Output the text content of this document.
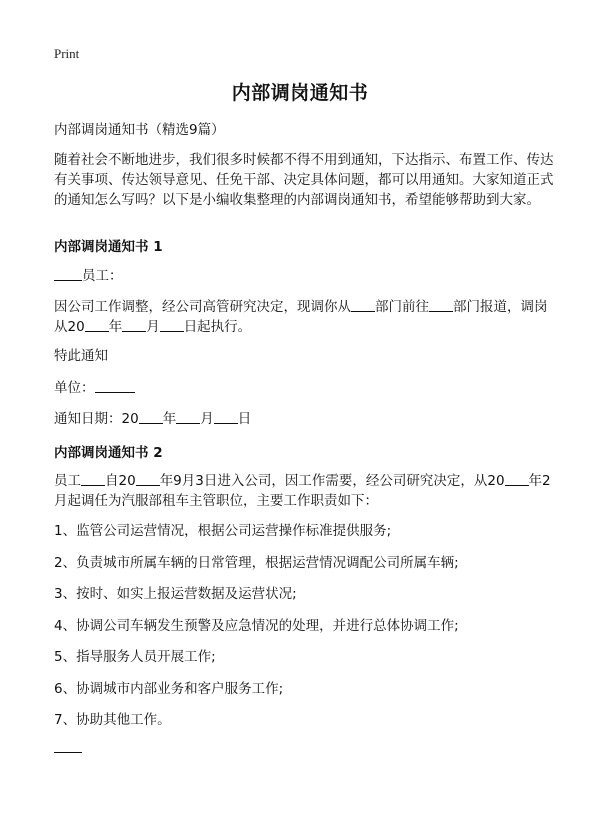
Print
内部调岗通知书

内部调岗通知书（精选9篇）

随着社会不断地进步，我们很多时候都不得不用到通知，下达指示、布置工作、传达有关事项、传达领导意见、任免干部、决定具体问题，都可以用通知。大家知道正式的通知怎么写吗？以下是小编收集整理的内部调岗通知书，希望能够帮助到大家。

内部调岗通知书 1

员工：

因公司工作调整，经公司高管研究决定，现调你从 部门前往 部门报道，调岗从20 年 月 日起执行。

特此通知

单位：

通知日期：20 年 月 日

内部调岗通知书 2

员工 自20 年9月3日进入公司，因工作需要，经公司研究决定，从20 年2月起调任为汽服部租车主管职位，主要工作职责如下：

1、监管公司运营情况，根据公司运营操作标准提供服务;

2、负责城市所属车辆的日常管理，根据运营情况调配公司所属车辆;

3、按时、如实上报运营数据及运营状况;

4、协调公司车辆发生预警及应急情况的处理，并进行总体协调工作;

5、指导服务人员开展工作;

6、协调城市内部业务和客户服务工作;

7、协助其他工作。
